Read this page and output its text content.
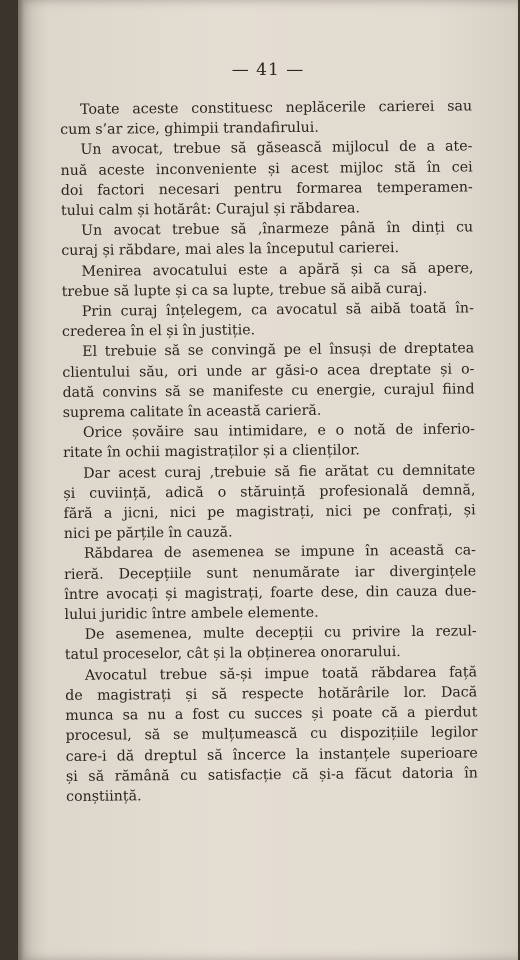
— 41 —
Toate aceste constituesc neplăcerile carierei sau
cum s’ar zice, ghimpii trandafirului.
Un avocat, trebue să găsească mijlocul de a ate-
nuă aceste inconveniente și acest mijloc stă în cei
doi factori necesari pentru formarea temperamen-
tului calm și hotărât: Curajul și răbdarea.
Un avocat trebue să ‚înarmeze până în dinți cu
curaj și răbdare, mai ales la începutul carierei.
Menirea avocatului este a apără și ca să apere,
trebue să lupte și ca sa lupte, trebue să aibă curaj.
Prin curaj înțelegem, ca avocatul să aibă toată în-
crederea în el și în justiție.
El trebuie să se convingă pe el însuși de dreptatea
clientului său, ori unde ar găsi-o acea dreptate și o-
dată convins să se manifeste cu energie, curajul fiind
suprema calitate în această carieră.
Orice șovăire sau intimidare, e o notă de inferio-
ritate în ochii magistraților și a clienților.
Dar acest curaj ‚trebuie să fie arătat cu demnitate
și cuviință, adică o stăruință profesională demnă,
fără a jicni, nici pe magistrați, nici pe confrați, și
nici pe părțile în cauză.
Răbdarea de asemenea se impune în această ca-
rieră. Decepțiile sunt nenumărate iar divergințele
între avocați și magistrați, foarte dese, din cauza due-
lului juridic între ambele elemente.
De asemenea, multe decepții cu privire la rezul-
tatul proceselor, cât și la obținerea onorarului.
Avocatul trebue să-și impue toată răbdarea față
de magistrați și să respecte hotărârile lor. Dacă
munca sa nu a fost cu succes și poate că a pierdut
procesul, să se mulțumească cu dispozițiile legilor
care-i dă dreptul să încerce la instanțele superioare
și să rămână cu satisfacție că și-a făcut datoria în
conștiință.
